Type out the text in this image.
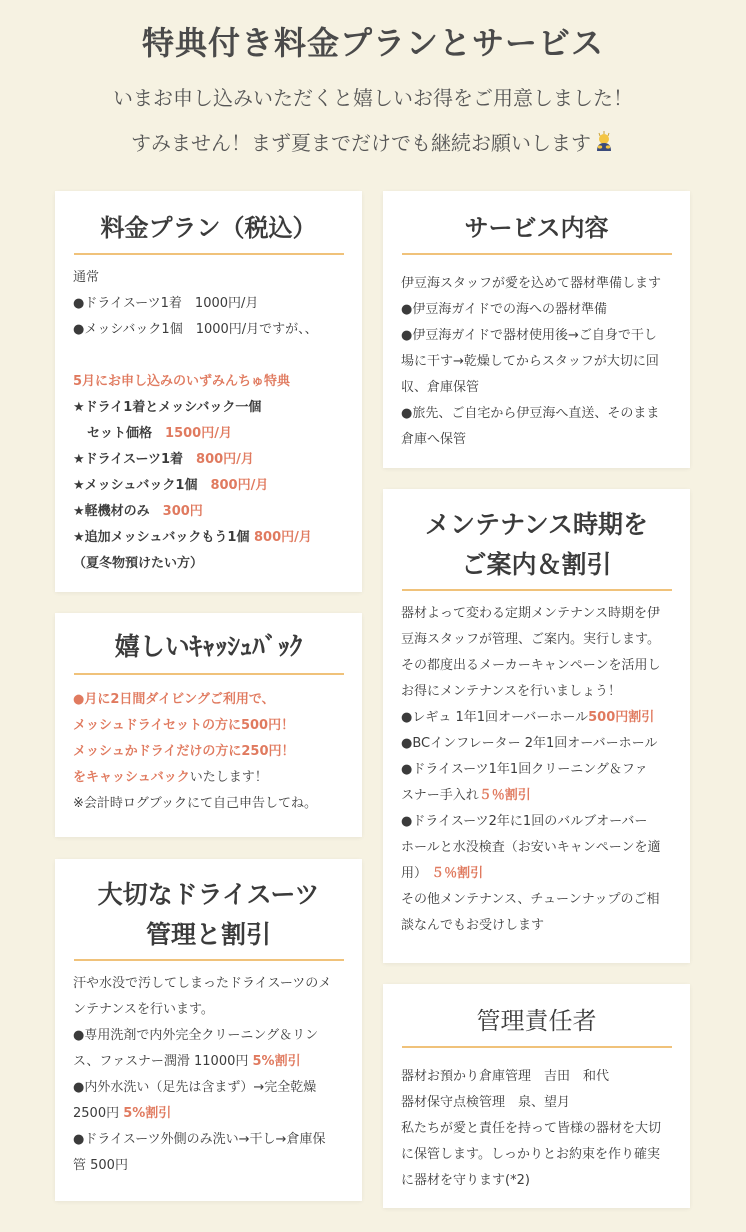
特典付き料金プランとサービス
いまお申し込みいただくと嬉しいお得をご用意しました！
すみません！まず夏までだけでも継続お願いします
料金プラン（税込）
通常
●ドライスーツ1着　1000円/月
●メッシバック1個　1000円/月ですが、、
5月にお申し込みのいずみんちゅ特典
★ドライ1着とメッシバック一個
セット価格　 1500円/月
★ドライスーツ1着　 800円/月
★メッシュバック1個　 800円/月
★軽機材のみ　 300円
★追加メッシュバックもう1個 800円/月
（夏冬物預けたい方）
嬉しいｷｬｯｼｭﾊﾞｯｸ
●月に2日間ダイビングご利用で、
メッシュドライセットの方に500円！
メッシュかドライだけの方に250円！
をキャッシュバックいたします！
※会計時ログブックにて自己申告してね。
大切なドライスーツ
管理と割引
汗や水没で汚してしまったドライスーツのメ
ンテナンスを行います。
●専用洗剤で内外完全クリーニング＆リン
ス、ファスナー潤滑 11000円 5%割引
●内外水洗い（足先は含まず）→完全乾燥
2500円 5%割引
●ドライスーツ外側のみ洗い→干し→倉庫保
管 500円
サービス内容
伊豆海スタッフが愛を込めて器材準備します
●伊豆海ガイドでの海への器材準備
●伊豆海ガイドで器材使用後→ご自身で干し
場に干す→乾燥してからスタッフが大切に回
収、倉庫保管
●旅先、ご自宅から伊豆海へ直送、そのまま
倉庫へ保管
メンテナンス時期を
ご案内＆割引
器材よって変わる定期メンテナンス時期を伊
豆海スタッフが管理、ご案内。実行します。
その都度出るメーカーキャンペーンを活用し
お得にメンテナンスを行いましょう！
●レギュ 1年1回オーバーホール500円割引
●BCインフレーター 2年1回オーバーホール
●ドライスーツ1年1回クリーニング＆ファ
スナー手入れ５％割引
●ドライスーツ2年に1回のバルブオーバー
ホールと水没検査（お安いキャンペーンを適
用） ５％割引
その他メンテナンス、チューンナップのご相
談なんでもお受けします
管理責任者
器材お預かり倉庫管理　吉田　和代
器材保守点検管理　泉、望月
私たちが愛と責任を持って皆様の器材を大切
に保管します。しっかりとお約束を作り確実
に器材を守ります(*2)
